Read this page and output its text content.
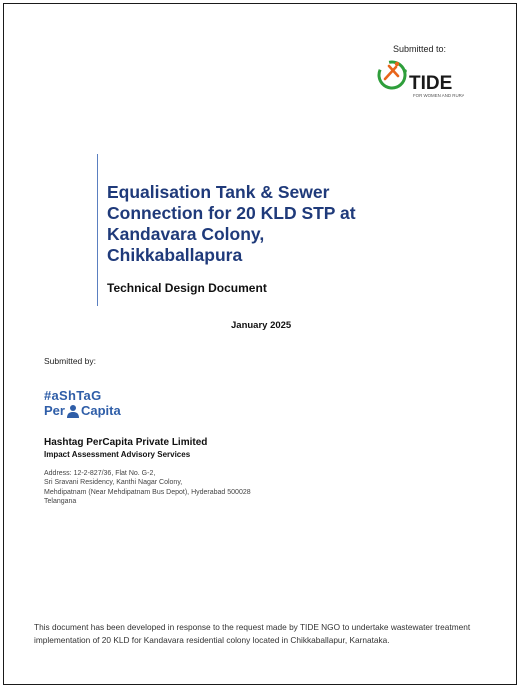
Submitted to:
TIDE
FOR WOMEN AND RURAL
Equalisation Tank & Sewer
Connection for 20 KLD STP at
Kandavara Colony,
Chikkaballapura
Technical Design Document
January 2025
Submitted by:
#aShTaG
Per Capita
Hashtag PerCapita Private Limited
Impact Assessment Advisory Services
Address: 12-2-827/36, Flat No. G-2,
Sri Sravani Residency, Kanthi Nagar Colony,
Mehdipatnam (Near Mehdipatnam Bus Depot), Hyderabad 500028
Telangana
This document has been developed in response to the request made by TIDE NGO to undertake wastewater treatment implementation of 20 KLD for Kandavara residential colony located in Chikkaballapur, Karnataka.
